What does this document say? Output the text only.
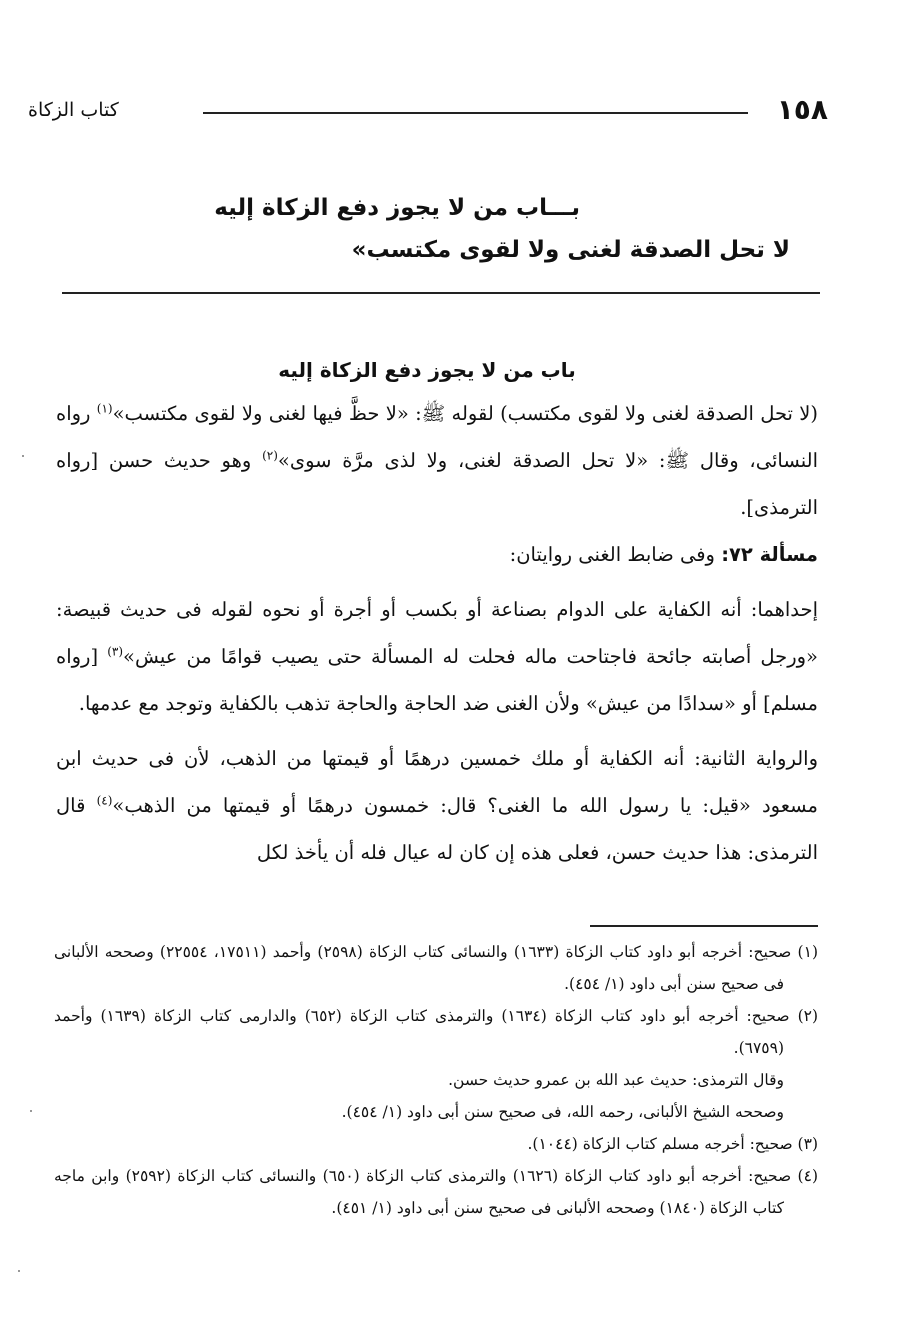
١٥٨
كتاب الزكاة
بـــاب من لا يجوز دفع الزكاة إليه
لا تحل الصدقة لغنى ولا لقوى مكتسب»
باب من لا يجوز دفع الزكاة إليه

(لا تحل الصدقة لغنى ولا لقوى مكتسب) لقوله ﷺ: «لا حظَّ فيها لغنى ولا لقوى مكتسب»$^{(١)}$ رواه النسائى، وقال ﷺ: «لا تحل الصدقة لغنى، ولا لذى مرَّة سوى»$^{(٢)}$ وهو حديث حسن [رواه الترمذى].
مسألة ٧٢: وفى ضابط الغنى روايتان:

إحداهما: أنه الكفاية على الدوام بصناعة أو بكسب أو أجرة أو نحوه لقوله فى حديث قبيصة: «ورجل أصابته جائحة فاجتاحت ماله فحلت له المسألة حتى يصيب قوامًا من عيش»$^{(٣)}$ [رواه مسلم] أو «سدادًا من عيش» ولأن الغنى ضد الحاجة والحاجة تذهب بالكفاية وتوجد مع عدمها.

والرواية الثانية: أنه الكفاية أو ملك خمسين درهمًا أو قيمتها من الذهب، لأن فى حديث ابن مسعود «قيل: يا رسول الله ما الغنى؟ قال: خمسون درهمًا أو قيمتها من الذهب»$^{(٤)}$ قال الترمذى: هذا حديث حسن، فعلى هذه إن كان له عيال فله أن يأخذ لكل

(١) صحيح: أخرجه أبو داود كتاب الزكاة (١٦٣٣) والنسائى كتاب الزكاة (٢٥٩٨) وأحمد (١٧٥١١، ٢٢٥٥٤) وصححه الألبانى فى صحيح سنن أبى داود (١/ ٤٥٤).

(٢) صحيح: أخرجه أبو داود كتاب الزكاة (١٦٣٤) والترمذى كتاب الزكاة (٦٥٢) والدارمى كتاب الزكاة (١٦٣٩) وأحمد (٦٧٥٩).

وقال الترمذى: حديث عبد الله بن عمرو حديث حسن.

وصححه الشيخ الألبانى، رحمه الله، فى صحيح سنن أبى داود (١/ ٤٥٤).

(٣) صحيح: أخرجه مسلم كتاب الزكاة (١٠٤٤).

(٤) صحيح: أخرجه أبو داود كتاب الزكاة (١٦٢٦) والترمذى كتاب الزكاة (٦٥٠) والنسائى كتاب الزكاة (٢٥٩٢) وابن ماجه كتاب الزكاة (١٨٤٠) وصححه الألبانى فى صحيح سنن أبى داود (١/ ٤٥١).
